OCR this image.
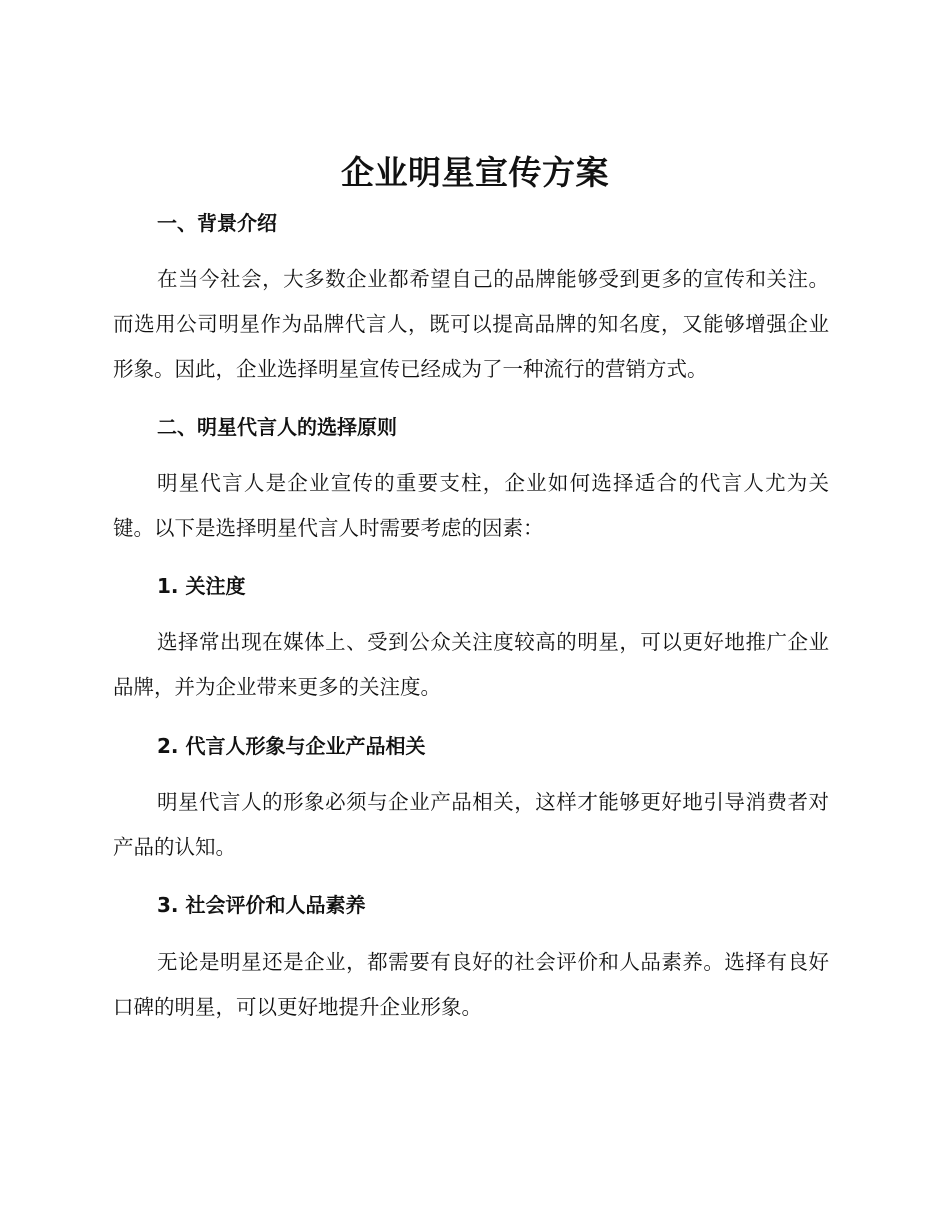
企业明星宣传方案
一、背景介绍

在当今社会，大多数企业都希望自己的品牌能够受到更多的宣传和关注。而选用公司明星作为品牌代言人，既可以提高品牌的知名度，又能够增强企业形象。因此，企业选择明星宣传已经成为了一种流行的营销方式。

二、明星代言人的选择原则

明星代言人是企业宣传的重要支柱，企业如何选择适合的代言人尤为关键。以下是选择明星代言人时需要考虑的因素：

1. 关注度

选择常出现在媒体上、受到公众关注度较高的明星，可以更好地推广企业品牌，并为企业带来更多的关注度。

2. 代言人形象与企业产品相关

明星代言人的形象必须与企业产品相关，这样才能够更好地引导消费者对产品的认知。

3. 社会评价和人品素养

无论是明星还是企业，都需要有良好的社会评价和人品素养。选择有良好口碑的明星，可以更好地提升企业形象。
